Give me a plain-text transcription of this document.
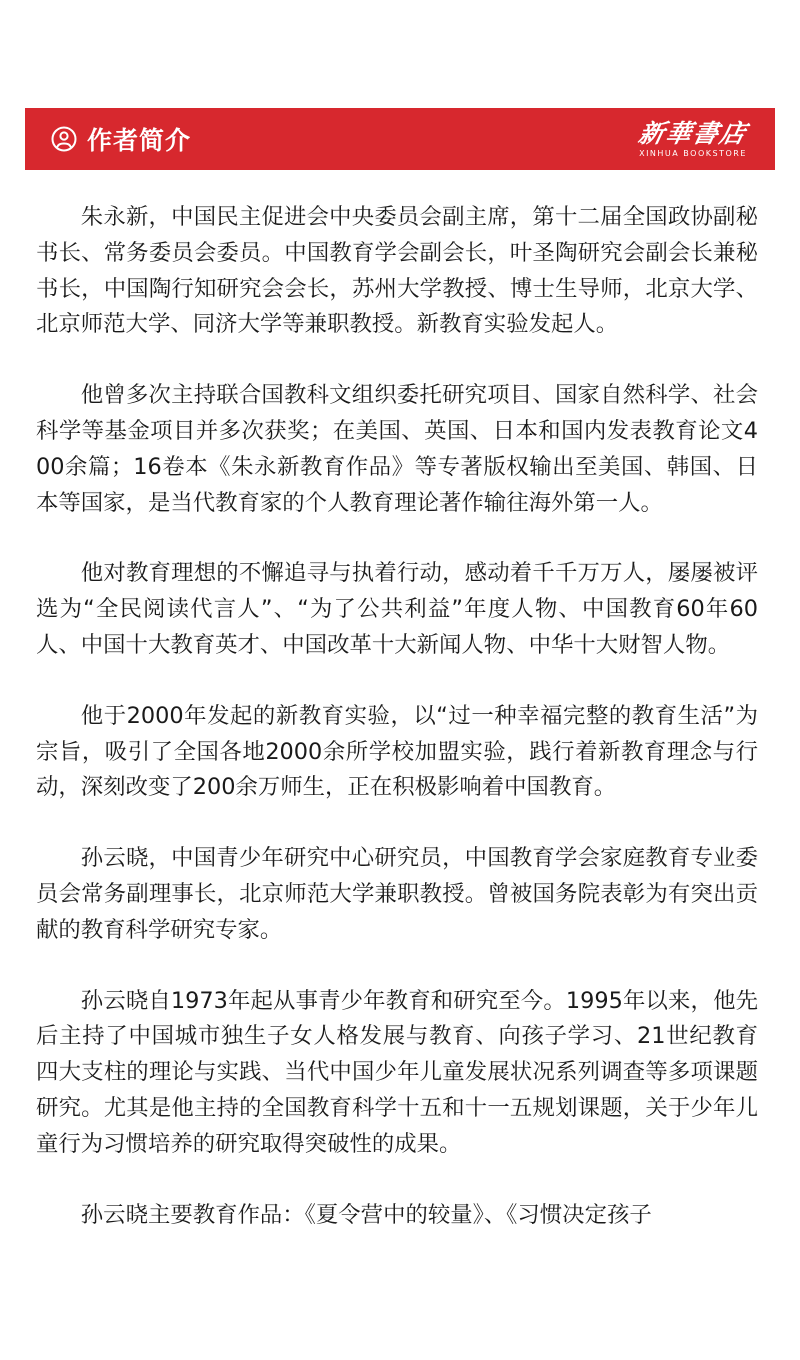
作者简介	新華書店
XINHUA BOOKSTORE

朱永新，中国民主促进会中央委员会副主席，第十二届全国政协副秘书长、常务委员会委员。中国教育学会副会长，叶圣陶研究会副会长兼秘书长，中国陶行知研究会会长，苏州大学教授、博士生导师，北京大学、北京师范大学、同济大学等兼职教授。新教育实验发起人。

他曾多次主持联合国教科文组织委托研究项目、国家自然科学、社会科学等基金项目并多次获奖；在美国、英国、日本和国内发表教育论文400余篇；16卷本《朱永新教育作品》等专著版权输出至美国、韩国、日本等国家，是当代教育家的个人教育理论著作输往海外第一人。

他对教育理想的不懈追寻与执着行动，感动着千千万万人，屡屡被评选为“全民阅读代言人”、“为了公共利益”年度人物、中国教育60年60人、中国十大教育英才、中国改革十大新闻人物、中华十大财智人物。

他于2000年发起的新教育实验，以“过一种幸福完整的教育生活”为宗旨，吸引了全国各地2000余所学校加盟实验，践行着新教育理念与行动，深刻改变了200余万师生，正在积极影响着中国教育。

孙云晓，中国青少年研究中心研究员，中国教育学会家庭教育专业委员会常务副理事长，北京师范大学兼职教授。曾被国务院表彰为有突出贡献的教育科学研究专家。

孙云晓自1973年起从事青少年教育和研究至今。1995年以来，他先后主持了中国城市独生子女人格发展与教育、向孩子学习、21世纪教育四大支柱的理论与实践、当代中国少年儿童发展状况系列调查等多项课题研究。尤其是他主持的全国教育科学十五和十一五规划课题，关于少年儿童行为习惯培养的研究取得突破性的成果。

孙云晓主要教育作品：《夏令营中的较量》、《习惯决定孩子
